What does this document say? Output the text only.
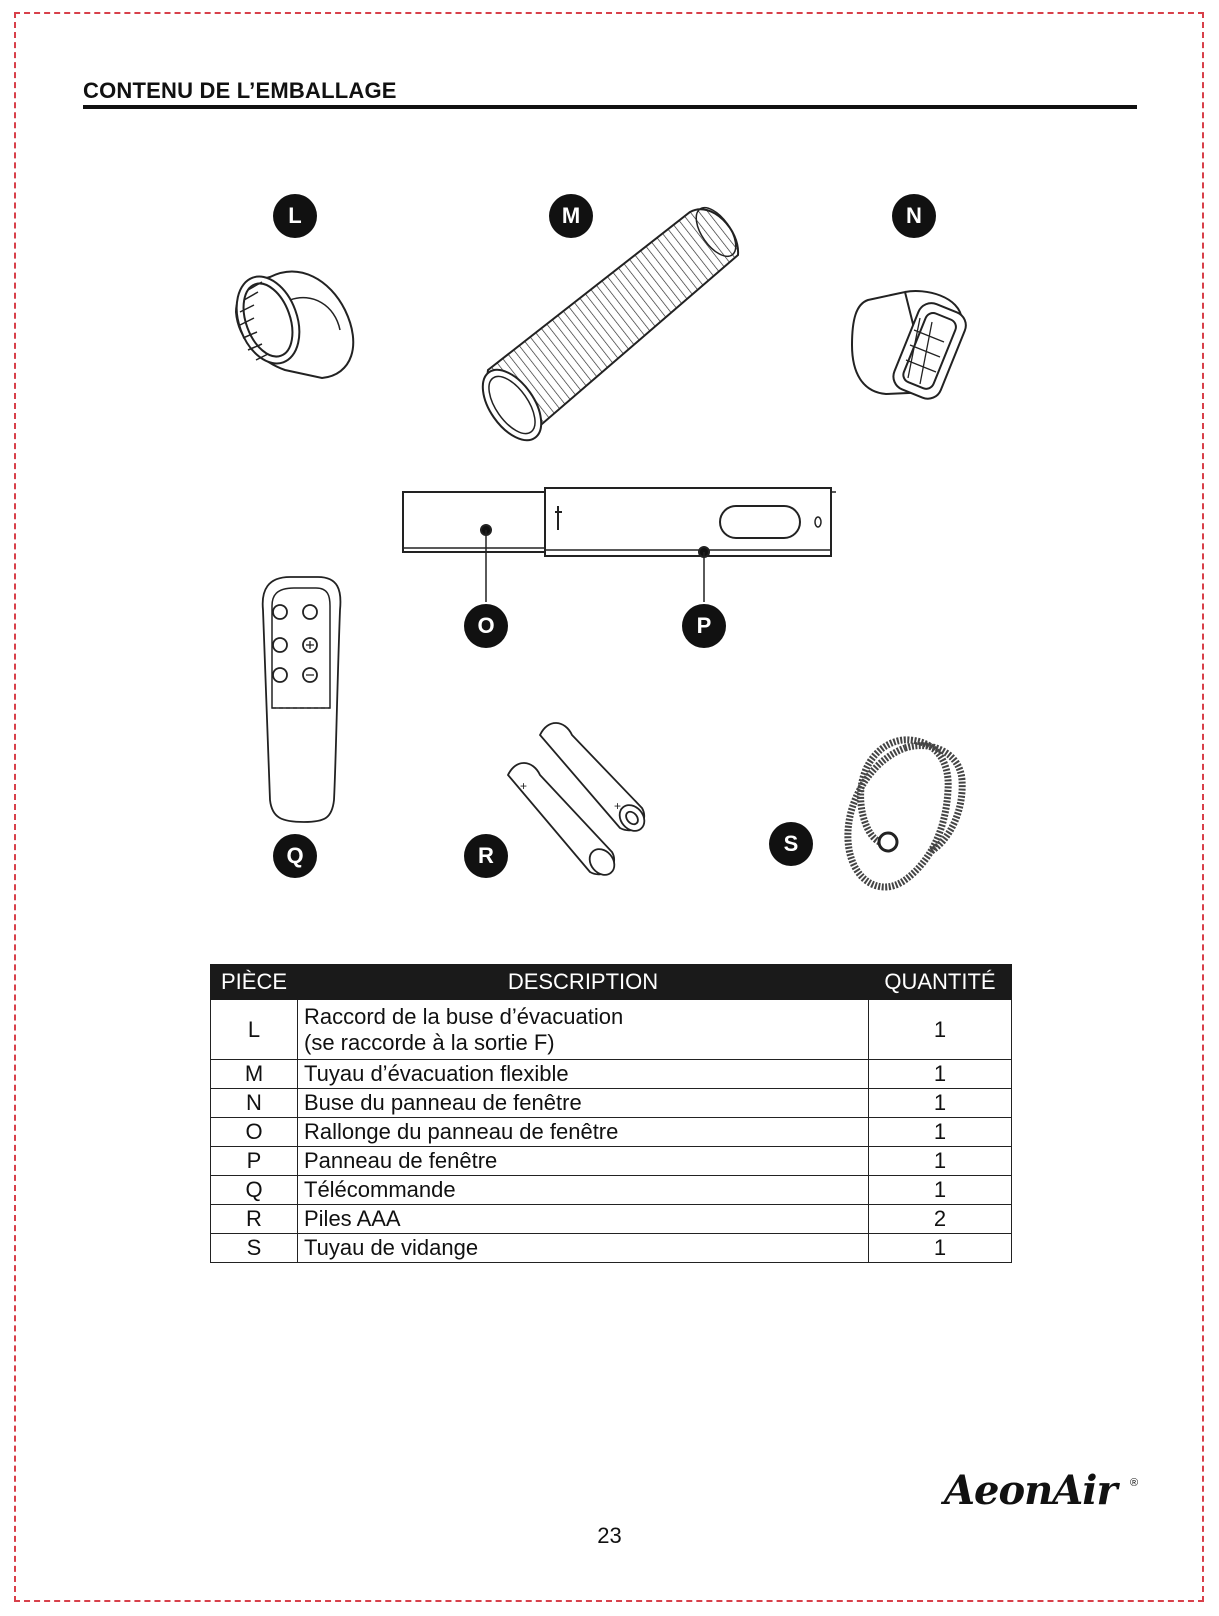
CONTENU DE L’EMBALLAGE
+
+
L	M	N
O	P
Q	R	S
PIÈCE	DESCRIPTION	QUANTITÉ
L	Raccord de la buse d’évacuation
(se raccorde à la sortie F)	1
M	Tuyau d’évacuation flexible	1
N	Buse du panneau de fenêtre	1
O	Rallonge du panneau de fenêtre	1
P	Panneau de fenêtre	1
Q	Télécommande	1
R	Piles AAA	2
S	Tuyau de vidange	1
AeonAir ®
23
